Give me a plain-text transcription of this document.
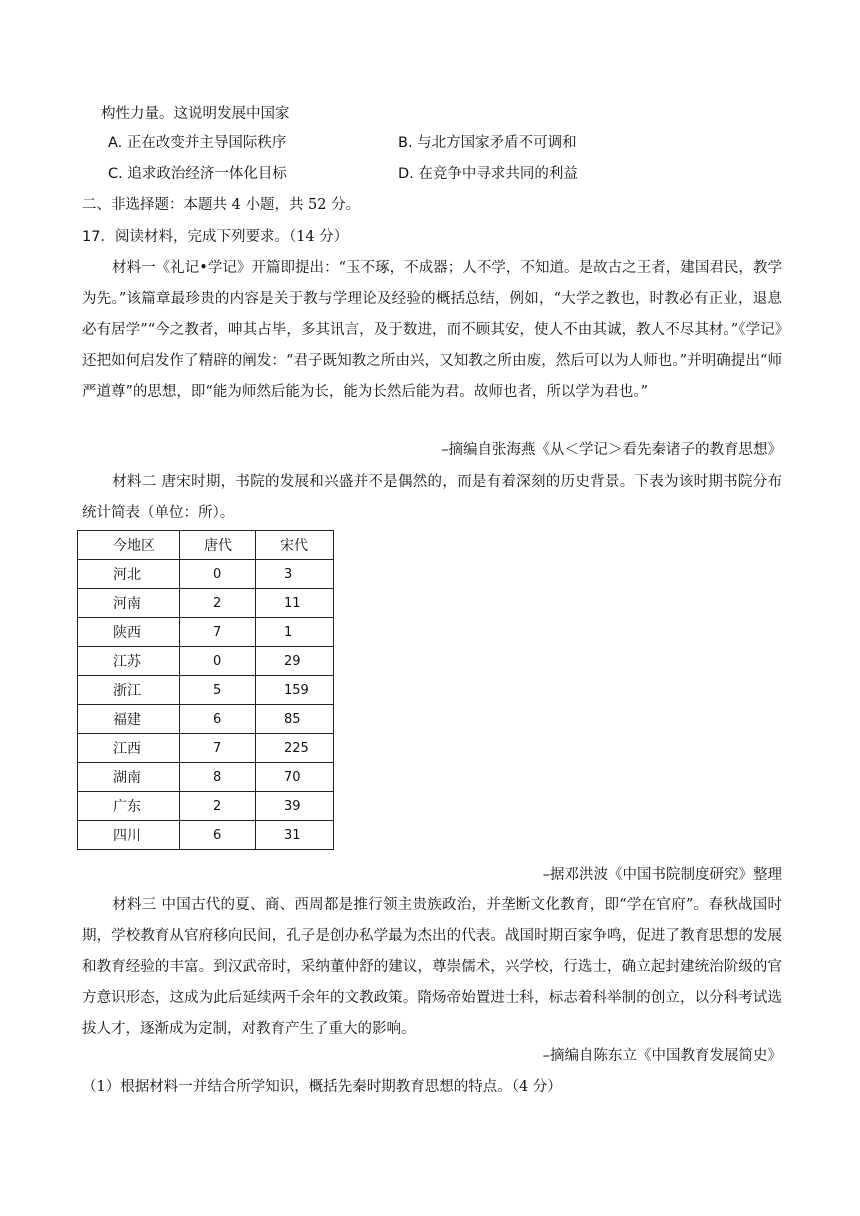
构性力量。这说明发展中国家
A. 正在改变并主导国际秩序	B. 与北方国家矛盾不可调和
C. 追求政治经济一体化目标	D. 在竞争中寻求共同的利益
二、非选择题：本题共 4 小题，共 52 分。
17．阅读材料，完成下列要求。（14 分）
材料一《礼记•学记》开篇即提出：“玉不琢，不成器；人不学，不知道。是故古之王者，建国君民，教学为先。”该篇章最珍贵的内容是关于教与学理论及经验的概括总结，例如，“大学之教也，时教必有正业，退息必有居学”“今之教者，呻其占毕，多其讯言，及于数进，而不顾其安，使人不由其诚，教人不尽其材。”《学记》还把如何启发作了精辟的阐发：“君子既知教之所由兴，又知教之所由废，然后可以为人师也。”并明确提出“师严道尊”的思想，即“能为师然后能为长，能为长然后能为君。故师也者，所以学为君也。”
–摘编自张海燕《从＜学记＞看先秦诸子的教育思想》
材料二 唐宋时期，书院的发展和兴盛并不是偶然的，而是有着深刻的历史背景。下表为该时期书院分布统计简表（单位：所）。
今地区	唐代	宋代
河北	0	3
河南	2	11
陕西	7	1
江苏	0	29
浙江	5	159
福建	6	85
江西	7	225
湖南	8	70
广东	2	39
四川	6	31
–据邓洪波《中国书院制度研究》整理
材料三 中国古代的夏、商、西周都是推行领主贵族政治，并垄断文化教育，即“学在官府”。春秋战国时期，学校教育从官府移向民间，孔子是创办私学最为杰出的代表。战国时期百家争鸣，促进了教育思想的发展和教育经验的丰富。到汉武帝时，采纳董仲舒的建议，尊崇儒术，兴学校，行选士，确立起封建统治阶级的官方意识形态，这成为此后延续两千余年的文教政策。隋炀帝始置进士科，标志着科举制的创立，以分科考试选拔人才，逐渐成为定制，对教育产生了重大的影响。
–摘编自陈东立《中国教育发展简史》
（1）根据材料一并结合所学知识，概括先秦时期教育思想的特点。（4 分）
